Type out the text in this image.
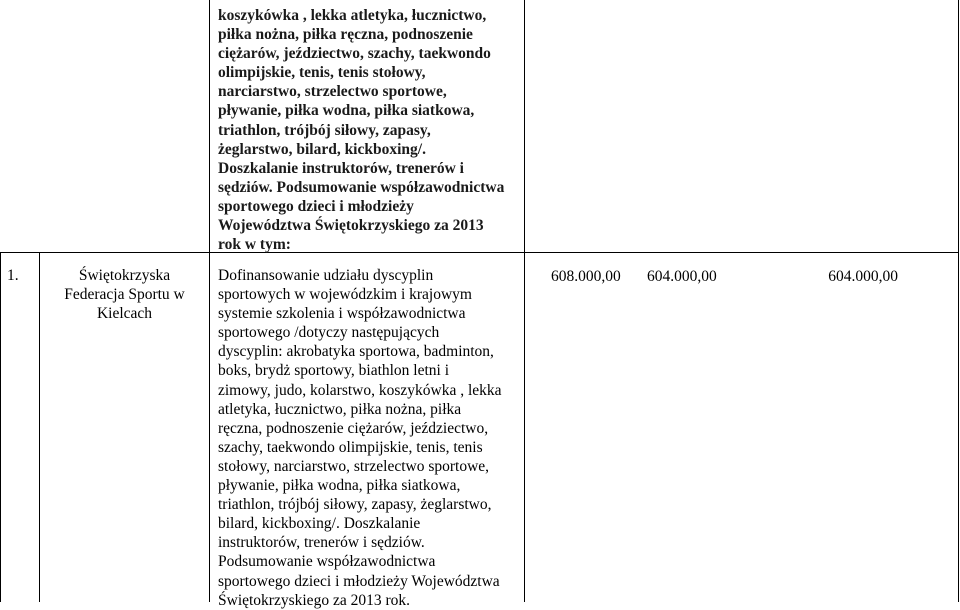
koszykówka , lekka atletyka, łucznictwo,
piłka nożna, piłka ręczna, podnoszenie
ciężarów, jeździectwo, szachy, taekwondo
olimpijskie, tenis, tenis stołowy,
narciarstwo, strzelectwo sportowe,
pływanie, piłka wodna, piłka siatkowa,
triathlon, trójbój siłowy, zapasy,
żeglarstwo, bilard, kickboxing/.
Doszkalanie instruktorów, trenerów i
sędziów. Podsumowanie współzawodnictwa
sportowego dzieci i młodzieży
Województwa Świętokrzyskiego za 2013
rok w tym:
1.	Świętokrzyska
Federacja Sportu w
Kielcach
Dofinansowanie udziału dyscyplin
sportowych w wojewódzkim i krajowym
systemie szkolenia i współzawodnictwa
sportowego /dotyczy następujących
dyscyplin: akrobatyka sportowa, badminton,
boks, brydż sportowy, biathlon letni i
zimowy, judo, kolarstwo, koszykówka , lekka
atletyka, łucznictwo, piłka nożna, piłka
ręczna, podnoszenie ciężarów, jeździectwo,
szachy, taekwondo olimpijskie, tenis, tenis
stołowy, narciarstwo, strzelectwo sportowe,
pływanie, piłka wodna, piłka siatkowa,
triathlon, trójbój siłowy, zapasy, żeglarstwo,
bilard, kickboxing/. Doszkalanie
instruktorów, trenerów i sędziów.
Podsumowanie współzawodnictwa
sportowego dzieci i młodzieży Województwa
Świętokrzyskiego za 2013 rok.
608.000,00 604.000,00	604.000,00
